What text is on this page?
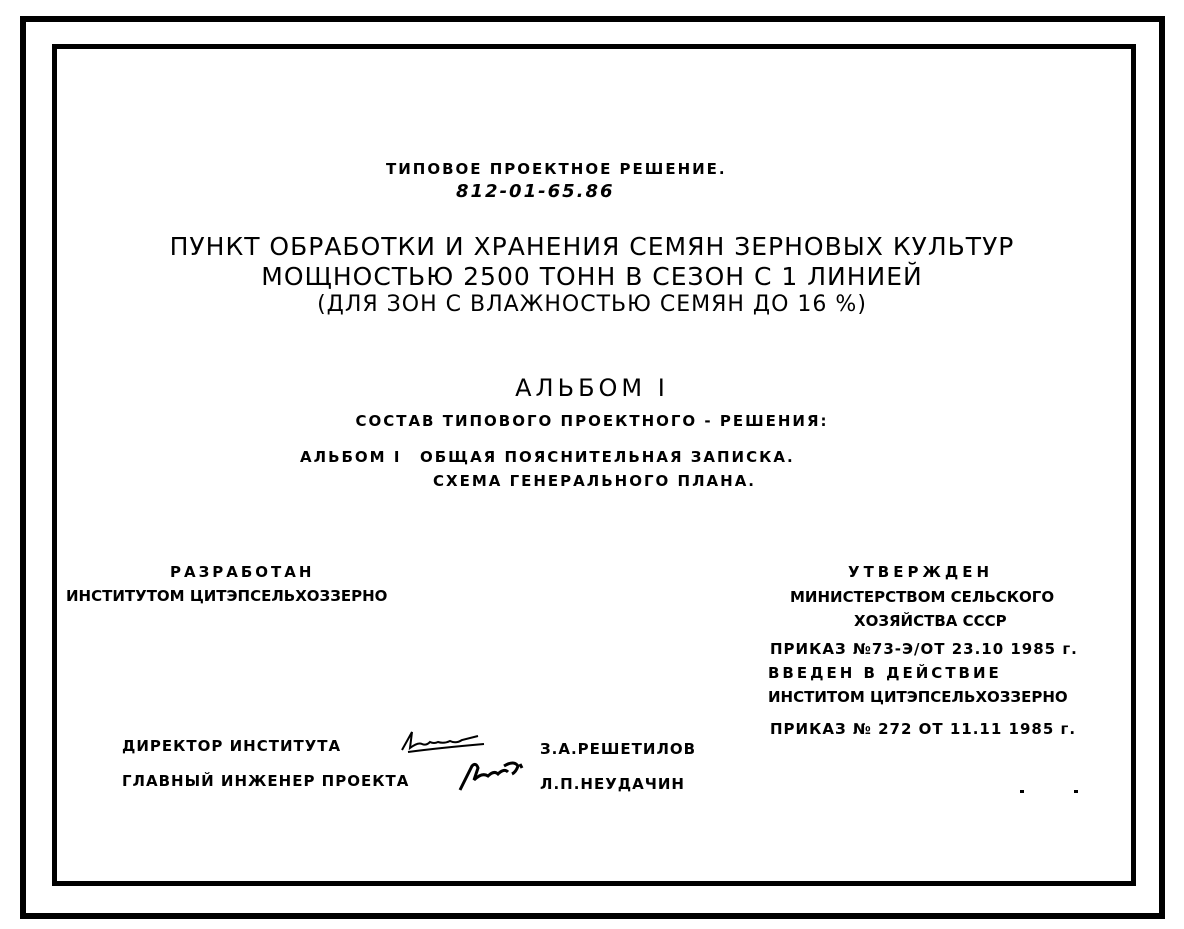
ТИПОВОЕ ПРОЕКТНОЕ РЕШЕНИЕ.
812-01-65.86
ПУНКТ ОБРАБОТКИ И ХРАНЕНИЯ СЕМЯН ЗЕРНОВЫХ КУЛЬТУР
МОЩНОСТЬЮ 2500 ТОНН В СЕЗОН С 1 ЛИНИЕЙ
(ДЛЯ ЗОН С ВЛАЖНОСТЬЮ СЕМЯН ДО 16 %)
АЛЬБОМ I
СОСТАВ ТИПОВОГО ПРОЕКТНОГО - РЕШЕНИЯ:
АЛЬБОМ I ОБЩАЯ ПОЯСНИТЕЛЬНАЯ ЗАПИСКА.
СХЕМА ГЕНЕРАЛЬНОГО ПЛАНА.
РАЗРАБОТАН
ИНСТИТУТОМ ЦИТЭПСЕЛЬХОЗЗЕРНО
УТВЕРЖДЕН
МИНИСТЕРСТВОМ СЕЛЬСКОГО
ХОЗЯЙСТВА СССР
ПРИКАЗ №73-Э/ОТ 23.10 1985 г.
ВВЕДЕН В ДЕЙСТВИЕ
ИНСТИТОМ ЦИТЭПСЕЛЬХОЗЗЕРНО
ПРИКАЗ № 272 ОТ 11.11 1985 г.
ДИРЕКТОР ИНСТИТУТА	З.А.РЕШЕТИЛОВ
ГЛАВНЫЙ ИНЖЕНЕР ПРОЕКТА	Л.П.НЕУДАЧИН
